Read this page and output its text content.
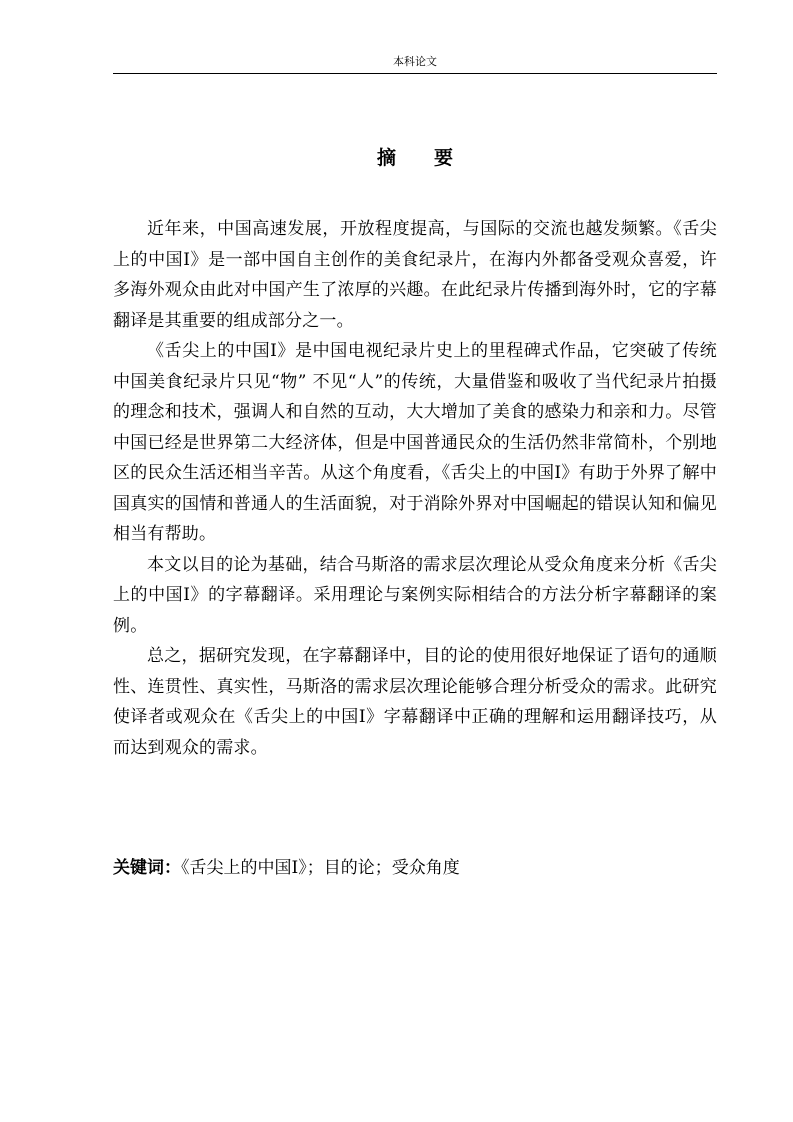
本科论文
摘要

近年来，中国高速发展，开放程度提高，与国际的交流也越发频繁。《舌尖上的中国Ⅰ》是一部中国自主创作的美食纪录片，在海内外都备受观众喜爱，许多海外观众由此对中国产生了浓厚的兴趣。在此纪录片传播到海外时，它的字幕翻译是其重要的组成部分之一。

《舌尖上的中国Ⅰ》是中国电视纪录片史上的里程碑式作品，它突破了传统中国美食纪录片只见“物” 不见“人”的传统，大量借鉴和吸收了当代纪录片拍摄的理念和技术，强调人和自然的互动，大大增加了美食的感染力和亲和力。尽管中国已经是世界第二大经济体，但是中国普通民众的生活仍然非常简朴，个别地区的民众生活还相当辛苦。从这个角度看，《舌尖上的中国Ⅰ》有助于外界了解中国真实的国情和普通人的生活面貌，对于消除外界对中国崛起的错误认知和偏见相当有帮助。

本文以目的论为基础，结合马斯洛的需求层次理论从受众角度来分析《舌尖上的中国Ⅰ》的字幕翻译。采用理论与案例实际相结合的方法分析字幕翻译的案例。

总之，据研究发现，在字幕翻译中，目的论的使用很好地保证了语句的通顺性、连贯性、真实性，马斯洛的需求层次理论能够合理分析受众的需求。此研究使译者或观众在《舌尖上的中国Ⅰ》字幕翻译中正确的理解和运用翻译技巧，从而达到观众的需求。

关键词：《舌尖上的中国Ⅰ》；目的论；受众角度
